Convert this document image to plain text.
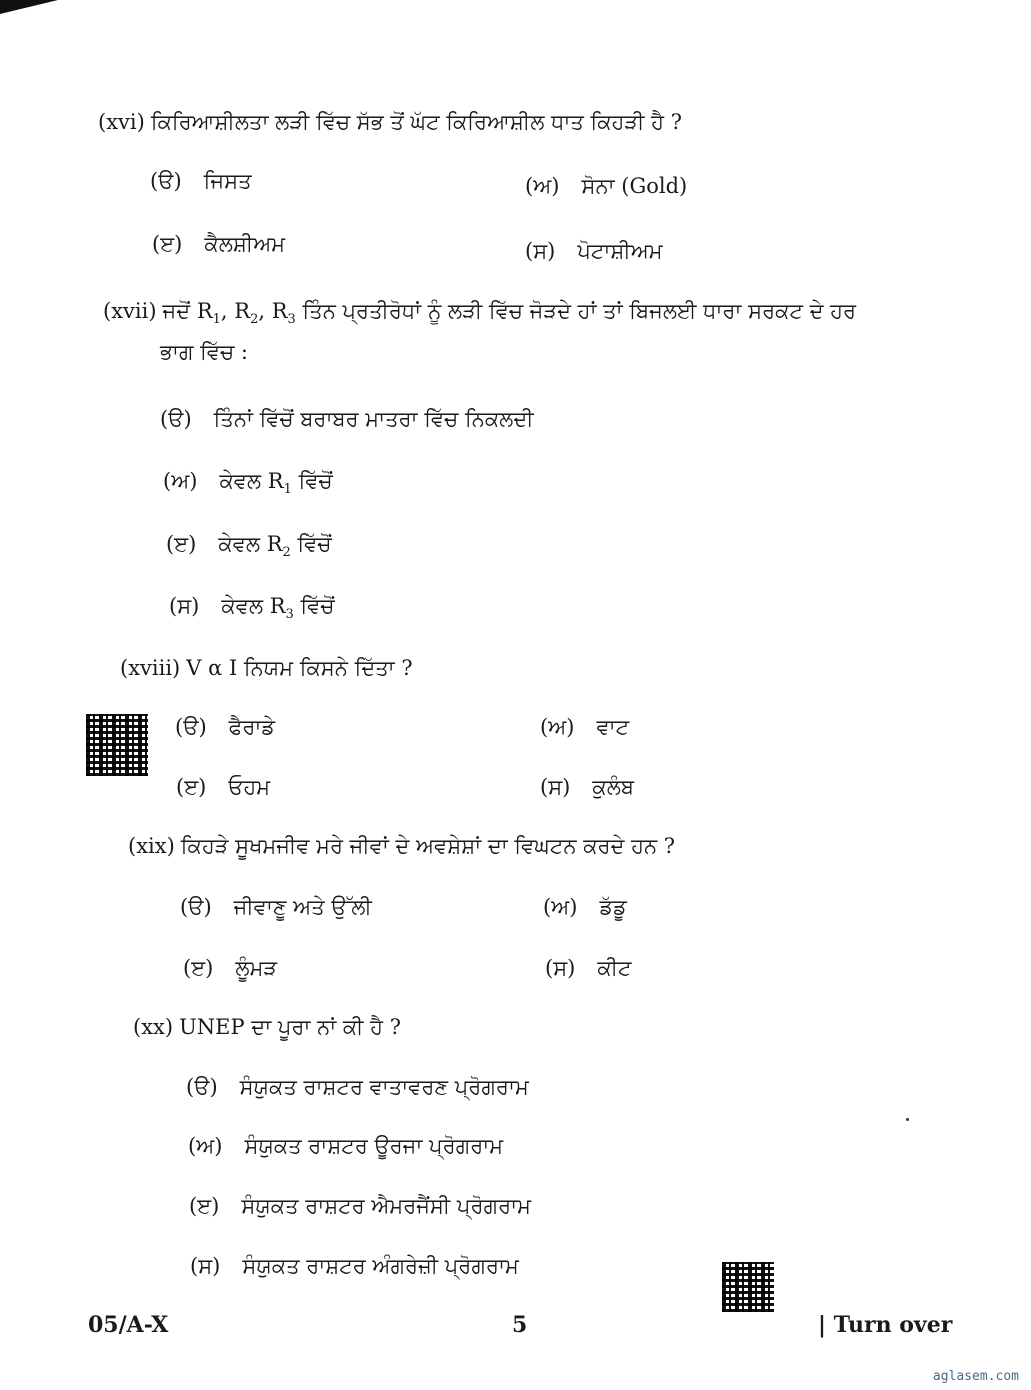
(xvi) ਕਿਰਿਆਸ਼ੀਲਤਾ ਲੜੀ ਵਿੱਚ ਸੱਭ ਤੋਂ ਘੱਟ ਕਿਰਿਆਸ਼ੀਲ ਧਾਤ ਕਿਹੜੀ ਹੈ ?
(ੳ) ਜਿਸਤ	(ਅ) ਸੋਨਾ (Gold)
(ੲ) ਕੈਲਸ਼ੀਅਮ	(ਸ) ਪੋਟਾਸ਼ੀਅਮ
(xvii) ਜਦੋਂ $R_1$, $R_2$, $R_3$ ਤਿੰਨ ਪ੍ਰਤੀਰੋਧਾਂ ਨੂੰ ਲੜੀ ਵਿੱਚ ਜੋੜਦੇ ਹਾਂ ਤਾਂ ਬਿਜਲਈ ਧਾਰਾ ਸਰਕਟ ਦੇ ਹਰ
ਭਾਗ ਵਿੱਚ :
(ੳ) ਤਿੰਨਾਂ ਵਿੱਚੋਂ ਬਰਾਬਰ ਮਾਤਰਾ ਵਿੱਚ ਨਿਕਲਦੀ
(ਅ) ਕੇਵਲ $R_1$ ਵਿੱਚੋਂ
(ੲ) ਕੇਵਲ $R_2$ ਵਿੱਚੋਂ
(ਸ) ਕੇਵਲ $R_3$ ਵਿੱਚੋਂ
(xviii) V α I ਨਿਯਮ ਕਿਸਨੇ ਦਿੱਤਾ ?
(ੳ) ਫੈਰਾਡੇ	(ਅ) ਵਾਟ
(ੲ) ਓਹਮ	(ਸ) ਕੁਲੰਬ
(xix) ਕਿਹੜੇ ਸੂਖਮਜੀਵ ਮਰੇ ਜੀਵਾਂ ਦੇ ਅਵਸ਼ੇਸ਼ਾਂ ਦਾ ਵਿਘਟਨ ਕਰਦੇ ਹਨ ?
(ੳ) ਜੀਵਾਣੂ ਅਤੇ ਉੱਲੀ	(ਅ) ਡੱਡੂ
(ੲ) ਲੂੰਮੜ	(ਸ) ਕੀਟ
(xx) UNEP ਦਾ ਪੂਰਾ ਨਾਂ ਕੀ ਹੈ ?
(ੳ) ਸੰਯੁਕਤ ਰਾਸ਼ਟਰ ਵਾਤਾਵਰਣ ਪ੍ਰੋਗਰਾਮ
(ਅ) ਸੰਯੁਕਤ ਰਾਸ਼ਟਰ ਊਰਜਾ ਪ੍ਰੋਗਰਾਮ
(ੲ) ਸੰਯੁਕਤ ਰਾਸ਼ਟਰ ਐਮਰਜੈਂਸੀ ਪ੍ਰੋਗਰਾਮ
(ਸ) ਸੰਯੁਕਤ ਰਾਸ਼ਟਰ ਅੰਗਰੇਜ਼ੀ ਪ੍ਰੋਗਰਾਮ
05/A-X	5	| Turn over
aglasem.com
